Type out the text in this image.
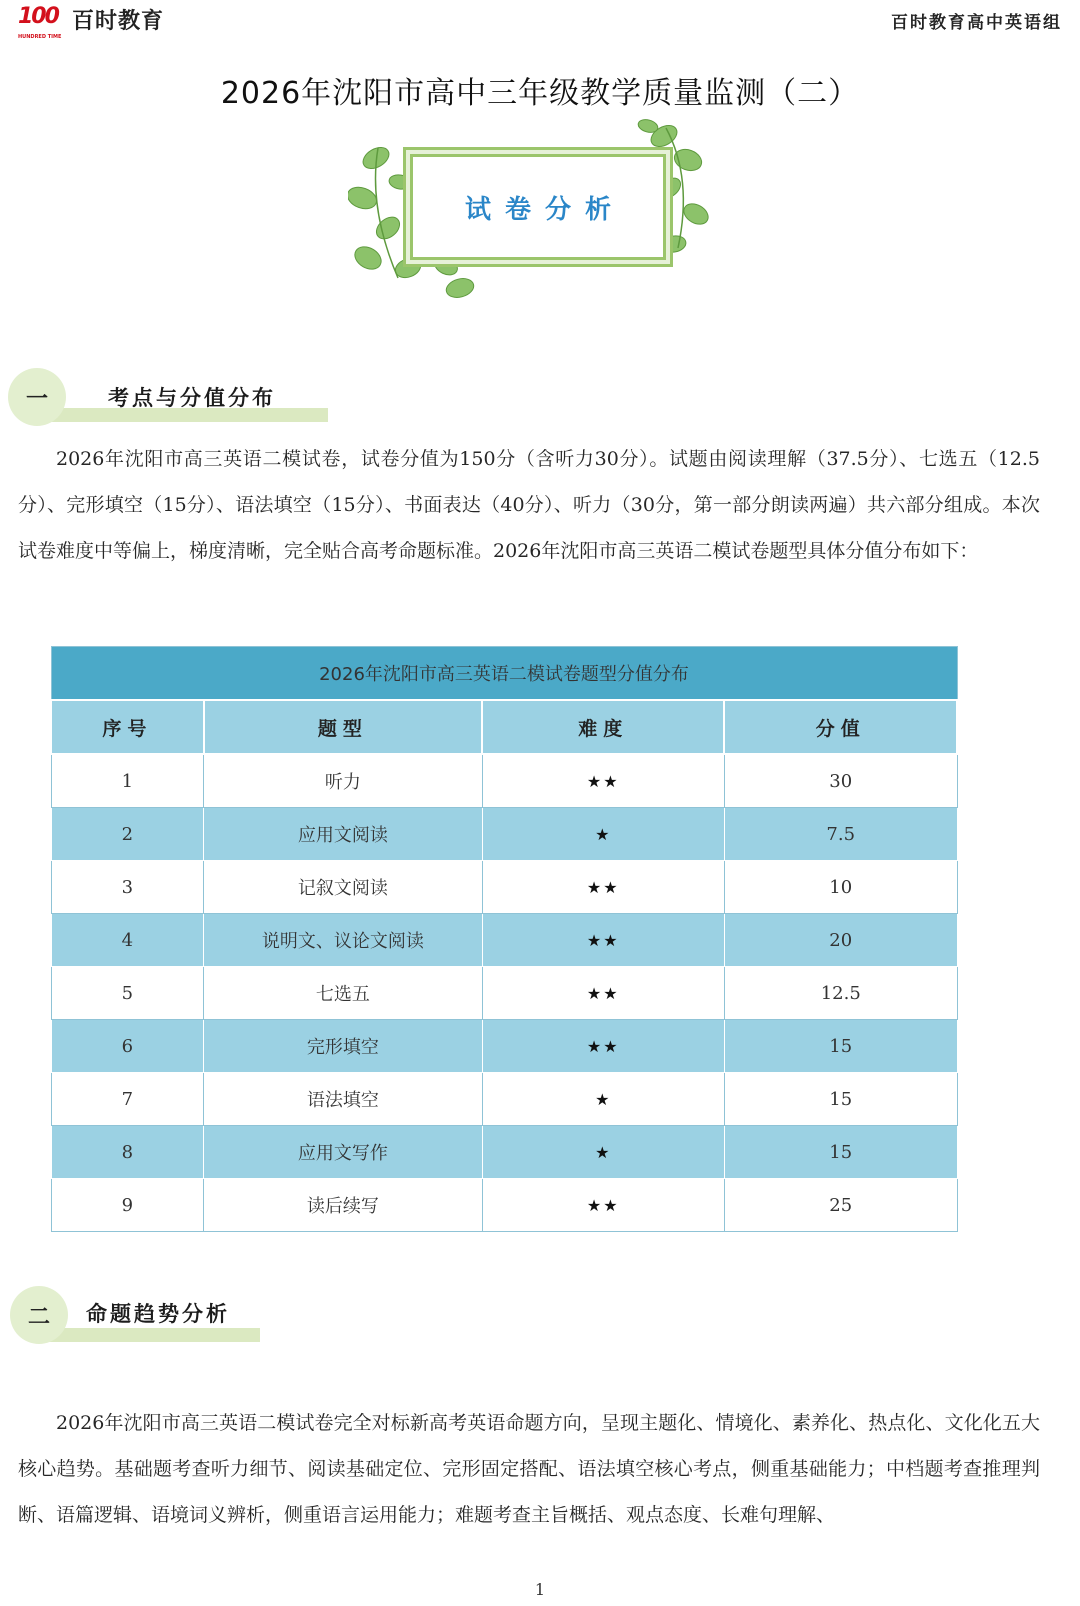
100
HUNDRED TIME
百时教育	百时教育高中英语组
2026年沈阳市高中三年级教学质量监测（二）
试卷分析
一	考点与分值分布
2026年沈阳市高三英语二模试卷，试卷分值为150分（含听力30分）。试题由阅读理解（37.5分）、七选五（12.5分）、完形填空（15分）、语法填空（15分）、书面表达（40分）、听力（30分，第一部分朗读两遍）共六部分组成。本次试卷难度中等偏上，梯度清晰，完全贴合高考命题标准。2026年沈阳市高三英语二模试卷题型具体分值分布如下：
2026年沈阳市高三英语二模试卷题型分值分布			
序号	题型	难度	分值
1	听力	★★	30
2	应用文阅读	★	7.5
3	记叙文阅读	★★	10
4	说明文、议论文阅读	★★	20
5	七选五	★★	12.5
6	完形填空	★★	15
7	语法填空	★	15
8	应用文写作	★	15
9	读后续写	★★	25
二	命题趋势分析
2026年沈阳市高三英语二模试卷完全对标新高考英语命题方向，呈现主题化、情境化、素养化、热点化、文化化五大核心趋势。基础题考查听力细节、阅读基础定位、完形固定搭配、语法填空核心考点，侧重基础能力；中档题考查推理判断、语篇逻辑、语境词义辨析，侧重语言运用能力；难题考查主旨概括、观点态度、长难句理解、
1
